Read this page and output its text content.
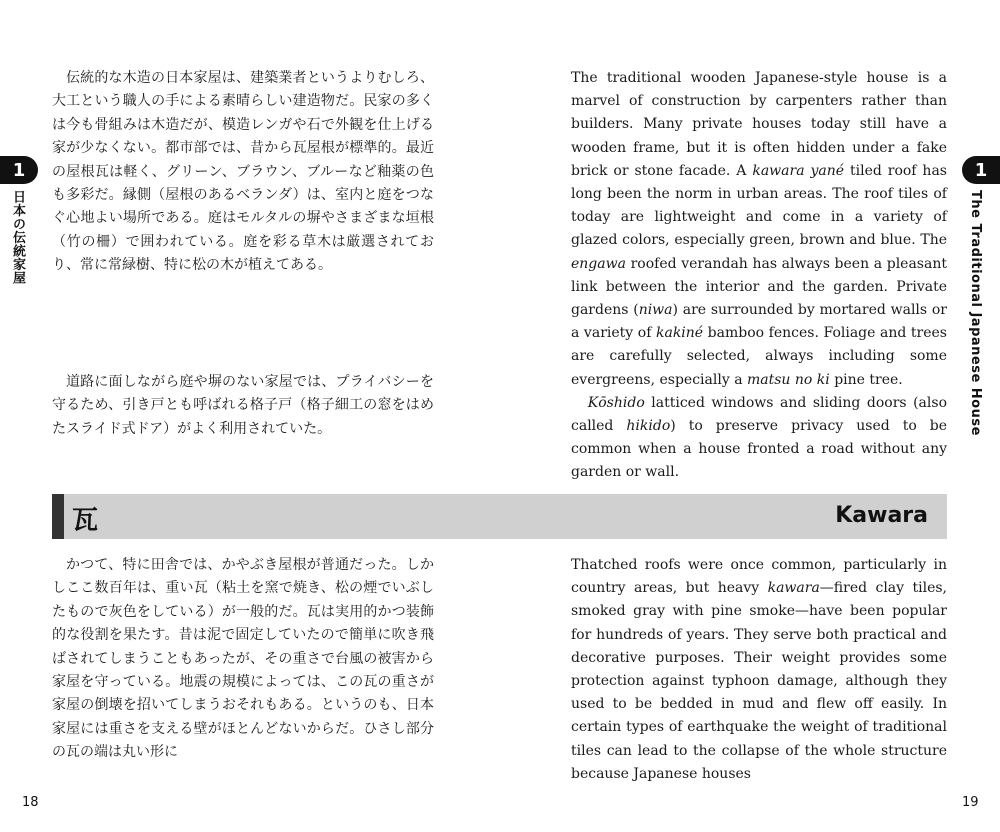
1
日本の伝統家屋

伝統的な木造の日本家屋は、建築業者というよりむしろ、大工という職人の手による素晴らしい建造物だ。民家の多くは今も骨組みは木造だが、模造レンガや石で外観を仕上げる家が少なくない。都市部では、昔から瓦屋根が標準的。最近の屋根瓦は軽く、グリーン、ブラウン、ブルーなど釉薬の色も多彩だ。縁側（屋根のあるベランダ）は、室内と庭をつなぐ心地よい場所である。庭はモルタルの塀やさまざまな垣根（竹の柵）で囲われている。庭を彩る草木は厳選されており、常に常緑樹、特に松の木が植えてある。

道路に面しながら庭や塀のない家屋では、プライバシーを守るため、引き戸とも呼ばれる格子戸（格子細工の窓をはめたスライド式ドア）がよく利用されていた。

かつて、特に田舎では、かやぶき屋根が普通だった。しかしここ数百年は、重い瓦（粘土を窯で焼き、松の煙でいぶしたもので灰色をしている）が一般的だ。瓦は実用的かつ装飾的な役割を果たす。昔は泥で固定していたので簡単に吹き飛ばされてしまうこともあったが、その重さで台風の被害から家屋を守っている。地震の規模によっては、この瓦の重さが家屋の倒壊を招いてしまうおそれもある。というのも、日本家屋には重さを支える壁がほとんどないからだ。ひさし部分の瓦の端は丸い形に

18
1
The Traditional Japanese House

The traditional wooden Japanese-style house is a marvel of construction by carpenters rather than builders. Many private houses today still have a wooden frame, but it is often hidden under a fake brick or stone facade. A kawara yané tiled roof has long been the norm in urban areas. The roof tiles of today are lightweight and come in a variety of glazed colors, especially green, brown and blue. The engawa roofed verandah has always been a pleasant link between the interior and the garden. Private gardens (niwa) are surrounded by mortared walls or a variety of kakiné bamboo fences. Foliage and trees are carefully selected, always including some evergreens, especially a matsu no ki pine tree.

Kōshido latticed windows and sliding doors (also called hikido) to preserve privacy used to be common when a house fronted a road without any garden or wall.

Thatched roofs were once common, particularly in country areas, but heavy kawara—fired clay tiles, smoked gray with pine smoke—have been popular for hundreds of years. They serve both practical and decorative purposes. Their weight provides some protection against typhoon damage, although they used to be bedded in mud and flew off easily. In certain types of earthquake the weight of traditional tiles can lead to the collapse of the whole structure because Japanese houses

19
瓦	Kawara
